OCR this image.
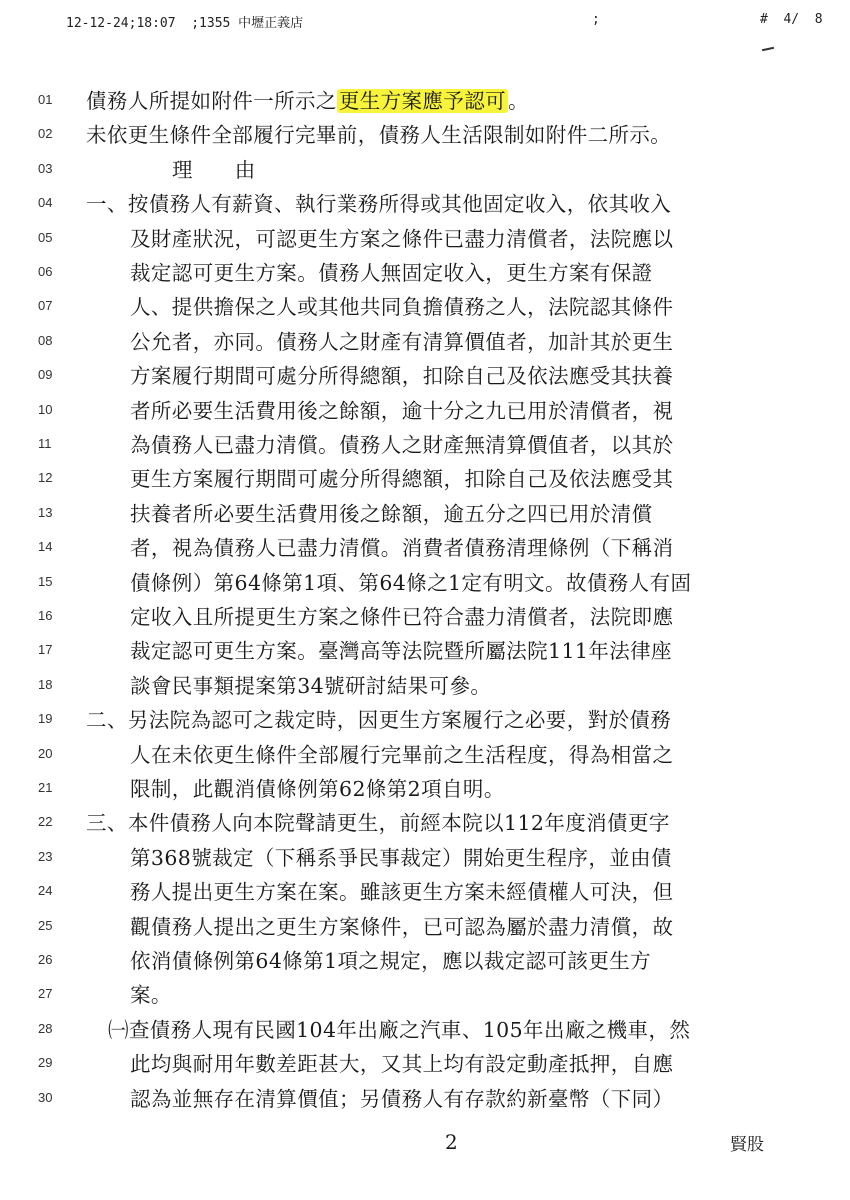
12-12-24;18:07  ;1355 中壢正義店	;	#  4/  8
01	債務人所提如附件一所示之更生方案應予認可。
02	未依更生條件全部履行完畢前，債務人生活限制如附件二所示。
03	理　　由
04	一、按債務人有薪資、執行業務所得或其他固定收入，依其收入
05	及財產狀況，可認更生方案之條件已盡力清償者，法院應以
06	裁定認可更生方案。債務人無固定收入，更生方案有保證
07	人、提供擔保之人或其他共同負擔債務之人，法院認其條件
08	公允者，亦同。債務人之財產有清算價值者，加計其於更生
09	方案履行期間可處分所得總額，扣除自己及依法應受其扶養
10	者所必要生活費用後之餘額，逾十分之九已用於清償者，視
11	為債務人已盡力清償。債務人之財產無清算價值者，以其於
12	更生方案履行期間可處分所得總額，扣除自己及依法應受其
13	扶養者所必要生活費用後之餘額，逾五分之四已用於清償
14	者，視為債務人已盡力清償。消費者債務清理條例（下稱消
15	債條例）第64條第1項、第64條之1定有明文。故債務人有固
16	定收入且所提更生方案之條件已符合盡力清償者，法院即應
17	裁定認可更生方案。臺灣高等法院暨所屬法院111年法律座
18	談會民事類提案第34號研討結果可參。
19	二、另法院為認可之裁定時，因更生方案履行之必要，對於債務
20	人在未依更生條件全部履行完畢前之生活程度，得為相當之
21	限制，此觀消債條例第62條第2項自明。
22	三、本件債務人向本院聲請更生，前經本院以112年度消債更字
23	第368號裁定（下稱系爭民事裁定）開始更生程序，並由債
24	務人提出更生方案在案。雖該更生方案未經債權人可決，但
25	觀債務人提出之更生方案條件，已可認為屬於盡力清償，故
26	依消債條例第64條第1項之規定，應以裁定認可該更生方
27	案。
28	㈠查債務人現有民國104年出廠之汽車、105年出廠之機車，然
29	此均與耐用年數差距甚大，又其上均有設定動產抵押，自應
30	認為並無存在清算價值；另債務人有存款約新臺幣（下同）
2	賢股
